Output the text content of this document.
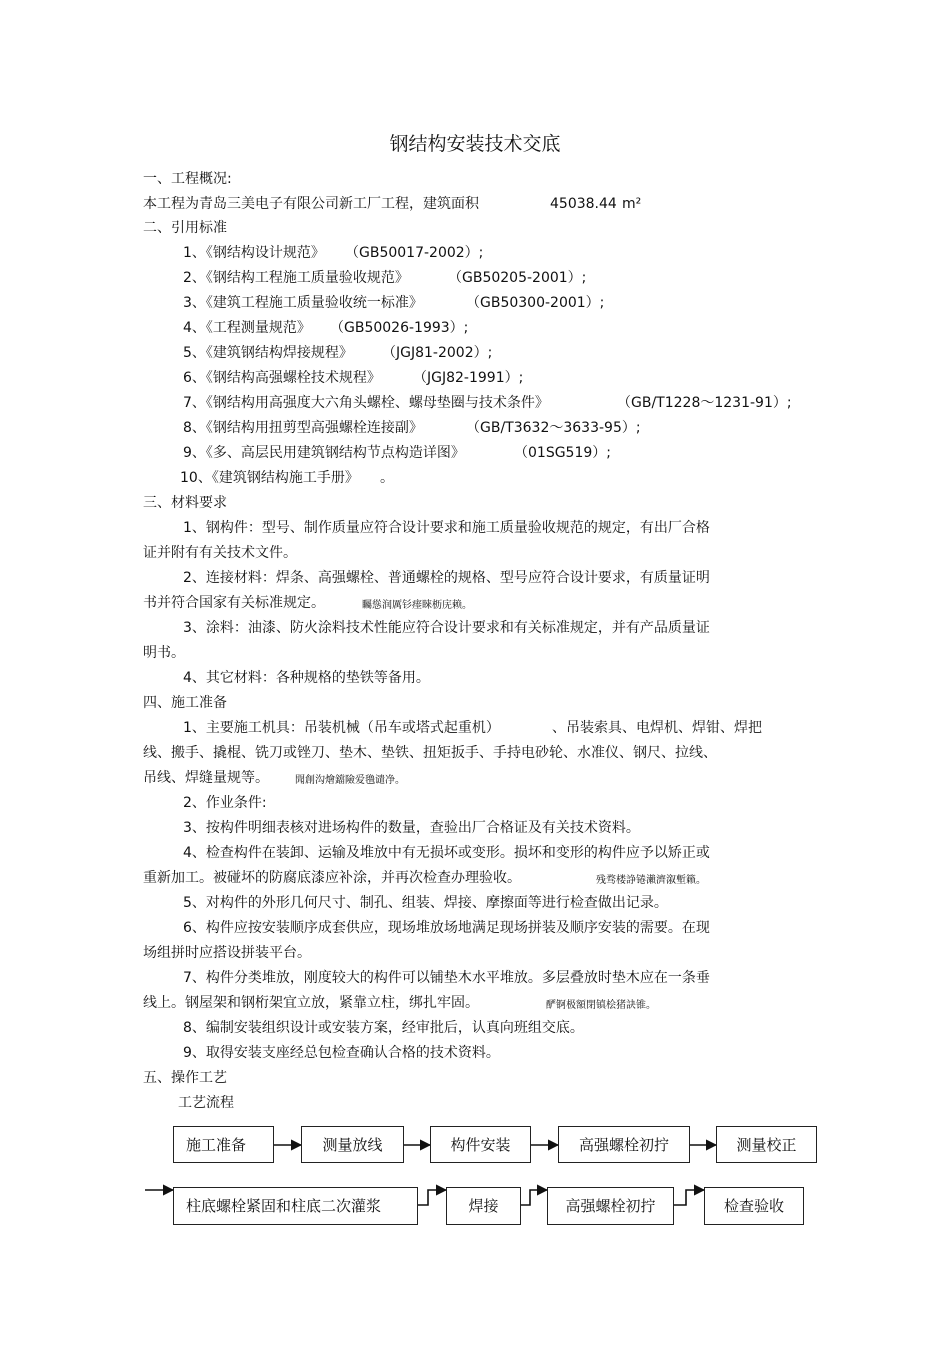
钢结构安装技术交底
一、工程概况:
本工程为青岛三美电子有限公司新工厂工程，建筑面积	45038.44 m²
二、引用标准
1、《钢结构设计规范》 （GB50017-2002）;
2、《钢结构工程施工质量验收规范》	（GB50205-2001）;
3、《建筑工程施工质量验收统一标准》	（GB50300-2001）;
4、《工程测量规范》 （GB50026-1993）;
5、《建筑钢结构焊接规程》 （JGJ81-2002）;
6、《钢结构高强螺栓技术规程》 （JGJ82-1991）;
7、《钢结构用高强度大六角头螺栓、螺母垫圈与技术条件》	（GB/T1228～1231-91）;
8、《钢结构用扭剪型高强螺栓连接副》	（GB/T3632～3633-95）;
9、《多、高层民用建筑钢结构节点构造详图》	（01SG519）;
10、《建筑钢结构施工手册》 。
三、材料要求
1、钢构件：型号、制作质量应符合设计要求和施工质量验收规范的规定，有出厂合格
证并附有有关技术文件。
2、连接材料：焊条、高强螺栓、普通螺栓的规格、型号应符合设计要求，有质量证明
书并符合国家有关标准规定。	矚慫润厲钐瘗睞枥庑赖。
3、涂料：油漆、防火涂料技术性能应符合设计要求和有关标准规定，并有产品质量证
明书。
4、其它材料：各种规格的垫铁等备用。
四、施工准备
1、主要施工机具：吊装机械（吊车或塔式起重机）	、吊装索具、电焊机、焊钳、焊把
线、搬手、撬棍、铣刀或锉刀、垫木、垫铁、扭矩扳手、手持电砂轮、水准仪、钢尺、拉线、
吊线、焊缝量规等。	聞創沟燴鐺險爱氇谴净。
2、作业条件:
3、按构件明细表核对进场构件的数量，查验出厂合格证及有关技术资料。
4、检查构件在装卸、运输及堆放中有无损坏或变形。损坏和变形的构件应予以矫正或
重新加工。被碰坏的防腐底漆应补涂，并再次检查办理验收。	残骛楼諍锩瀨濟溆塹籟。
5、对构件的外形几何尺寸、制孔、组装、焊接、摩擦面等进行检查做出记录。
6、构件应按安装顺序成套供应，现场堆放场地满足现场拼装及顺序安装的需要。在现
场组拼时应搭设拼装平台。
7、构件分类堆放，刚度较大的构件可以铺垫木水平堆放。多层叠放时垫木应在一条垂
线上。钢屋架和钢桁架宜立放，紧靠立柱，绑扎牢固。	酽锕极額閉镇桧猪訣锥。
8、编制安装组织设计或安装方案，经审批后，认真向班组交底。
9、取得安装支座经总包检查确认合格的技术资料。
五、操作工艺
工艺流程
施工准备	测量放线	构件安装	高强螺栓初拧	测量校正
柱底螺栓紧固和柱底二次灌浆	焊接	高强螺栓初拧	检查验收
